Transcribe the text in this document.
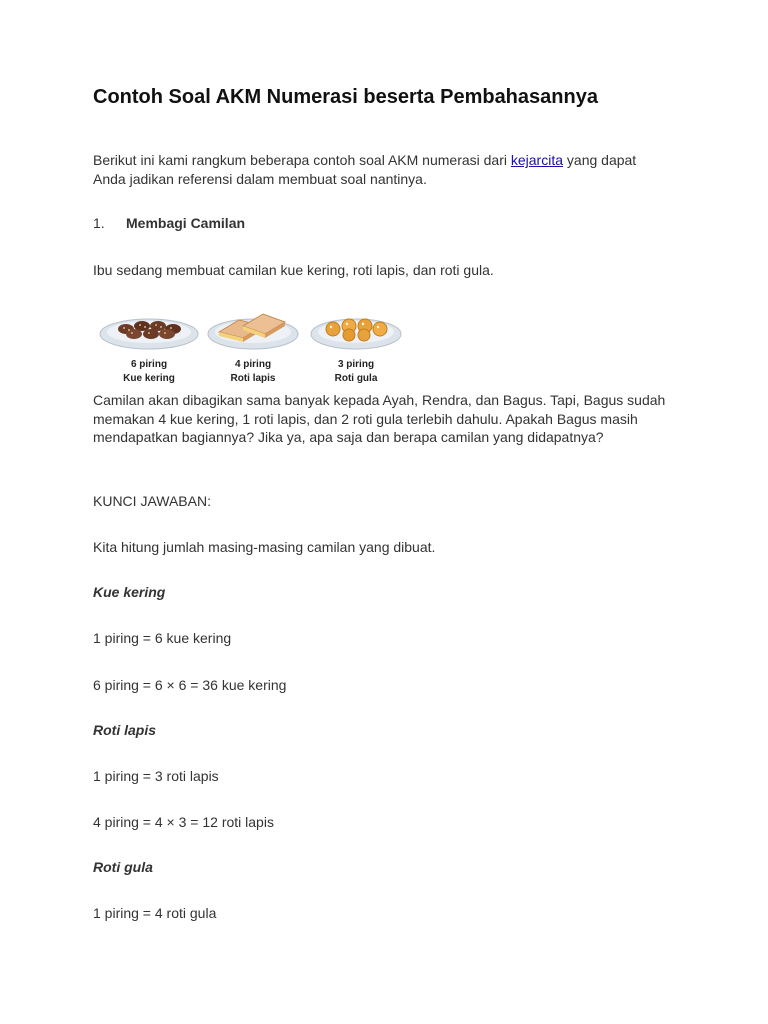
Contoh Soal AKM Numerasi beserta Pembahasannya

Berikut ini kami rangkum beberapa contoh soal AKM numerasi dari kejarcita yang dapat Anda jadikan referensi dalam membuat soal nantinya.

1. Membagi Camilan

Ibu sedang membuat camilan kue kering, roti lapis, dan roti gula.

6 piring
Kue kering
4 piring
Roti lapis
3 piring
Roti gula

Camilan akan dibagikan sama banyak kepada Ayah, Rendra, dan Bagus. Tapi, Bagus sudah memakan 4 kue kering, 1 roti lapis, dan 2 roti gula terlebih dahulu. Apakah Bagus masih mendapatkan bagiannya? Jika ya, apa saja dan berapa camilan yang didapatnya?

KUNCI JAWABAN:

Kita hitung jumlah masing-masing camilan yang dibuat.

Kue kering

1 piring = 6 kue kering

6 piring = 6 × 6 = 36 kue kering

Roti lapis

1 piring = 3 roti lapis

4 piring = 4 × 3 = 12 roti lapis

Roti gula

1 piring = 4 roti gula
